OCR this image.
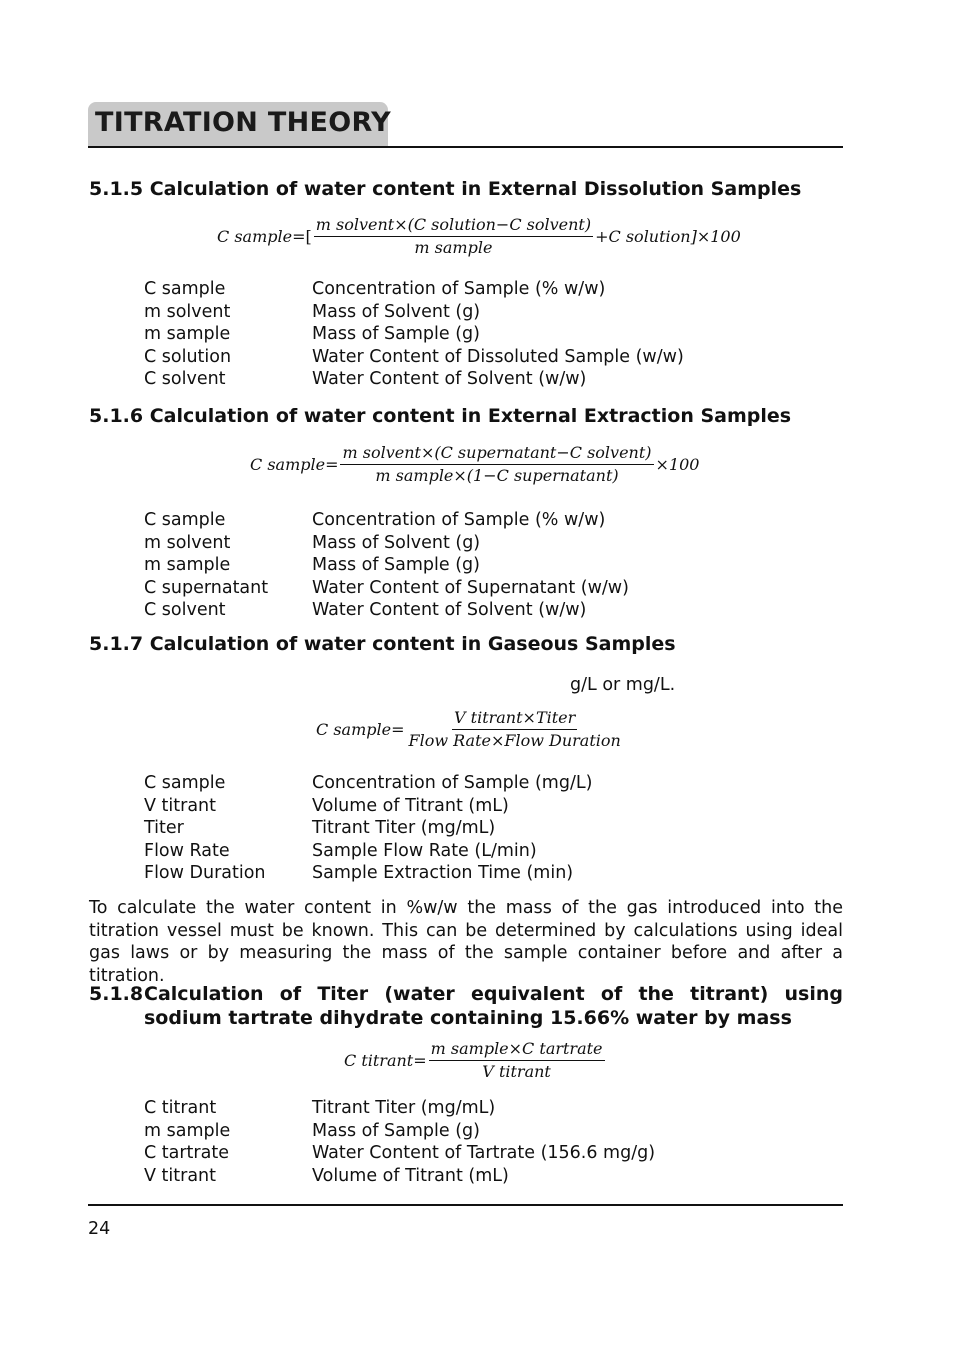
TITRATION THEORY
5.1.5 Calculation of water content in External Dissolution Samples
C sample =[ $\frac{\text{m solvent×(C solution−C solvent)}}{\text{m sample}} +C$ solution]×100
C sample	Concentration of Sample (% w/w)
m solvent	Mass of Solvent (g)
m sample	Mass of Sample (g)
C solution	Water Content of Dissoluted Sample (w/w)
C solvent	Water Content of Solvent (w/w)
5.1.6 Calculation of water content in External Extraction Samples
C sample = $\frac{\text{m solvent×(C supernatant−C solvent)}}{\text{m sample×(1−C supernatant)}} \times 100$
C sample	Concentration of Sample (% w/w)
m solvent	Mass of Solvent (g)
m sample	Mass of Sample (g)
C supernatant	Water Content of Supernatant (w/w)
C solvent	Water Content of Solvent (w/w)
5.1.7 Calculation of water content in Gaseous Samples
g/L or mg/L.
C sample = $\frac{\text{V titrant×Titer}}{\text{Flow Rate×Flow Duration}}$
C sample	Concentration of Sample (mg/L)
V titrant	Volume of Titrant (mL)
Titer	Titrant Titer (mg/mL)
Flow Rate	Sample Flow Rate (L/min)
Flow Duration	Sample Extraction Time (min)
To calculate the water content in %w/w the mass of the gas introduced into the titration vessel must be known. This can be determined by calculations using ideal gas laws or by measuring the mass of the sample container before and after a titration.
5.1.8 Calculation of Titer (water equivalent of the titrant) using sodium tartrate dihydrate containing 15.66% water by mass
C titrant = $\frac{\text{m sample×C tartrate}}{\text{V titrant}}$
C titrant	Titrant Titer (mg/mL)
m sample	Mass of Sample (g)
C tartrate	Water Content of Tartrate (156.6 mg/g)
V titrant	Volume of Titrant (mL)
24
